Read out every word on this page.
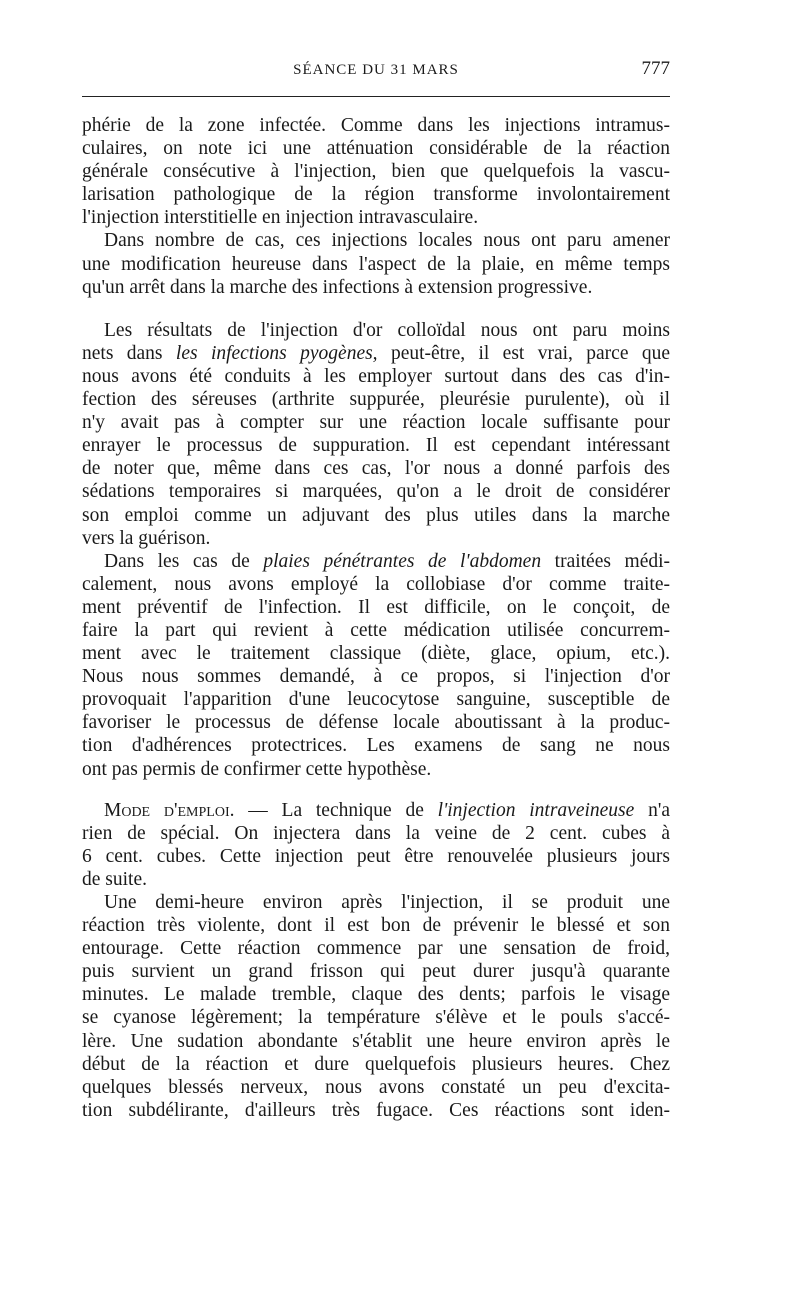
SÉANCE DU 31 MARS	777

phérie de la zone infectée. Comme dans les injections intramus-

culaires, on note ici une atténuation considérable de la réaction

générale consécutive à l'injection, bien que quelquefois la vascu-

larisation pathologique de la région transforme involontairement

l'injection interstitielle en injection intravasculaire.

Dans nombre de cas, ces injections locales nous ont paru amener

une modification heureuse dans l'aspect de la plaie, en même temps

qu'un arrêt dans la marche des infections à extension progressive.

Les résultats de l'injection d'or colloïdal nous ont paru moins

nets dans les infections pyogènes, peut-être, il est vrai, parce que

nous avons été conduits à les employer surtout dans des cas d'in-

fection des séreuses (arthrite suppurée, pleurésie purulente), où il

n'y avait pas à compter sur une réaction locale suffisante pour

enrayer le processus de suppuration. Il est cependant intéressant

de noter que, même dans ces cas, l'or nous a donné parfois des

sédations temporaires si marquées, qu'on a le droit de considérer

son emploi comme un adjuvant des plus utiles dans la marche

vers la guérison.

Dans les cas de plaies pénétrantes de l'abdomen traitées médi-

calement, nous avons employé la collobiase d'or comme traite-

ment préventif de l'infection. Il est difficile, on le conçoit, de

faire la part qui revient à cette médication utilisée concurrem-

ment avec le traitement classique (diète, glace, opium, etc.).

Nous nous sommes demandé, à ce propos, si l'injection d'or

provoquait l'apparition d'une leucocytose sanguine, susceptible de

favoriser le processus de défense locale aboutissant à la produc-

tion d'adhérences protectrices. Les examens de sang ne nous

ont pas permis de confirmer cette hypothèse.

Mode d'emploi. — La technique de l'injection intraveineuse n'a

rien de spécial. On injectera dans la veine de 2 cent. cubes à

6 cent. cubes. Cette injection peut être renouvelée plusieurs jours

de suite.

Une demi-heure environ après l'injection, il se produit une

réaction très violente, dont il est bon de prévenir le blessé et son

entourage. Cette réaction commence par une sensation de froid,

puis survient un grand frisson qui peut durer jusqu'à quarante

minutes. Le malade tremble, claque des dents; parfois le visage

se cyanose légèrement; la température s'élève et le pouls s'accé-

lère. Une sudation abondante s'établit une heure environ après le

début de la réaction et dure quelquefois plusieurs heures. Chez

quelques blessés nerveux, nous avons constaté un peu d'excita-

tion subdélirante, d'ailleurs très fugace. Ces réactions sont iden-
